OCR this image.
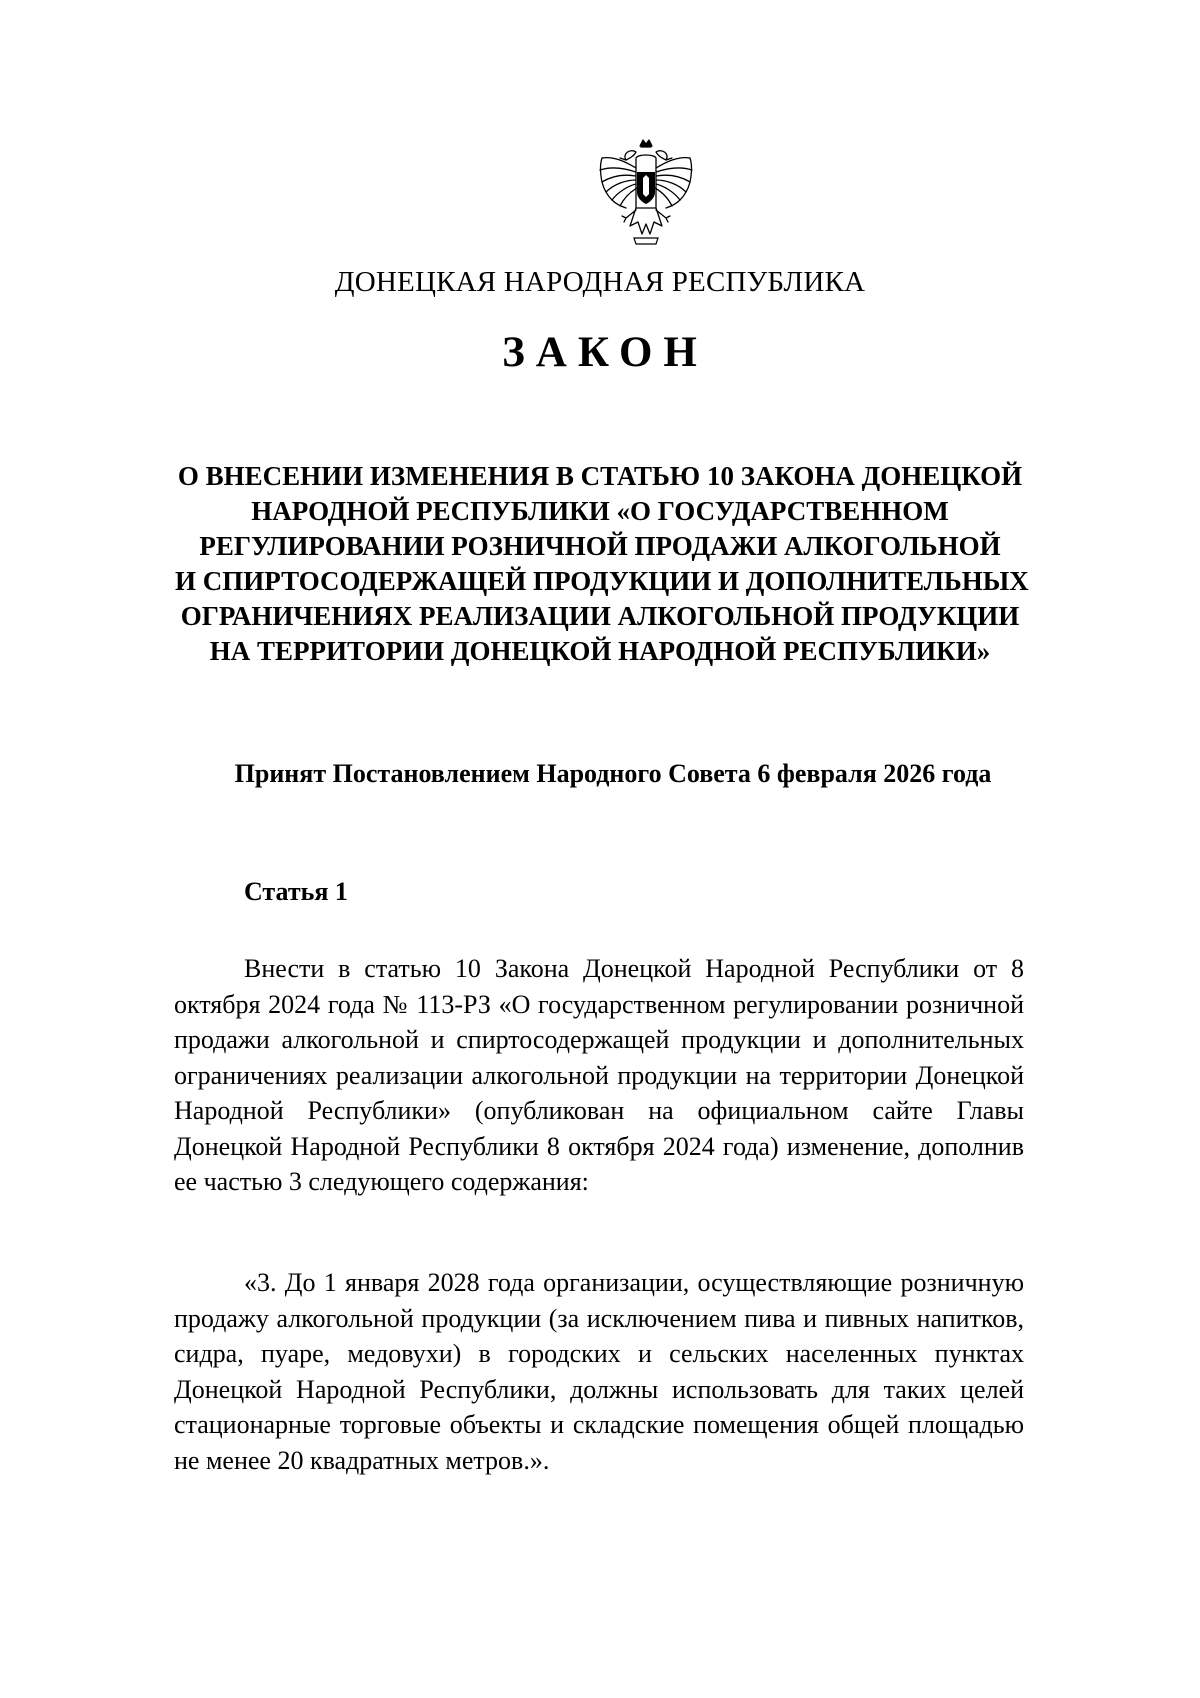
ДОНЕЦКАЯ НАРОДНАЯ РЕСПУБЛИКА
ЗАКОН
О ВНЕСЕНИИ ИЗМЕНЕНИЯ В СТАТЬЮ 10 ЗАКОНА ДОНЕЦКОЙ
НАРОДНОЙ РЕСПУБЛИКИ «О ГОСУДАРСТВЕННОМ
РЕГУЛИРОВАНИИ РОЗНИЧНОЙ ПРОДАЖИ АЛКОГОЛЬНОЙ
И СПИРТОСОДЕРЖАЩЕЙ ПРОДУКЦИИ И ДОПОЛНИТЕЛЬНЫХ
ОГРАНИЧЕНИЯХ РЕАЛИЗАЦИИ АЛКОГОЛЬНОЙ ПРОДУКЦИИ
НА ТЕРРИТОРИИ ДОНЕЦКОЙ НАРОДНОЙ РЕСПУБЛИКИ»
Принят Постановлением Народного Совета 6 февраля 2026 года
Статья 1
Внести в статью 10 Закона Донецкой Народной Республики от 8 октября 2024 года № 113-РЗ «О государственном регулировании розничной продажи алкогольной и спиртосодержащей продукции и дополнительных ограничениях реализации алкогольной продукции на территории Донецкой Народной Республики» (опубликован на официальном сайте Главы Донецкой Народной Республики 8 октября 2024 года) изменение, дополнив ее частью 3 следующего содержания:
«3. До 1 января 2028 года организации, осуществляющие розничную продажу алкогольной продукции (за исключением пива и пивных напитков, сидра, пуаре, медовухи) в городских и сельских населенных пунктах Донецкой Народной Республики, должны использовать для таких целей стационарные торговые объекты и складские помещения общей площадью не менее 20 квадратных метров.».
